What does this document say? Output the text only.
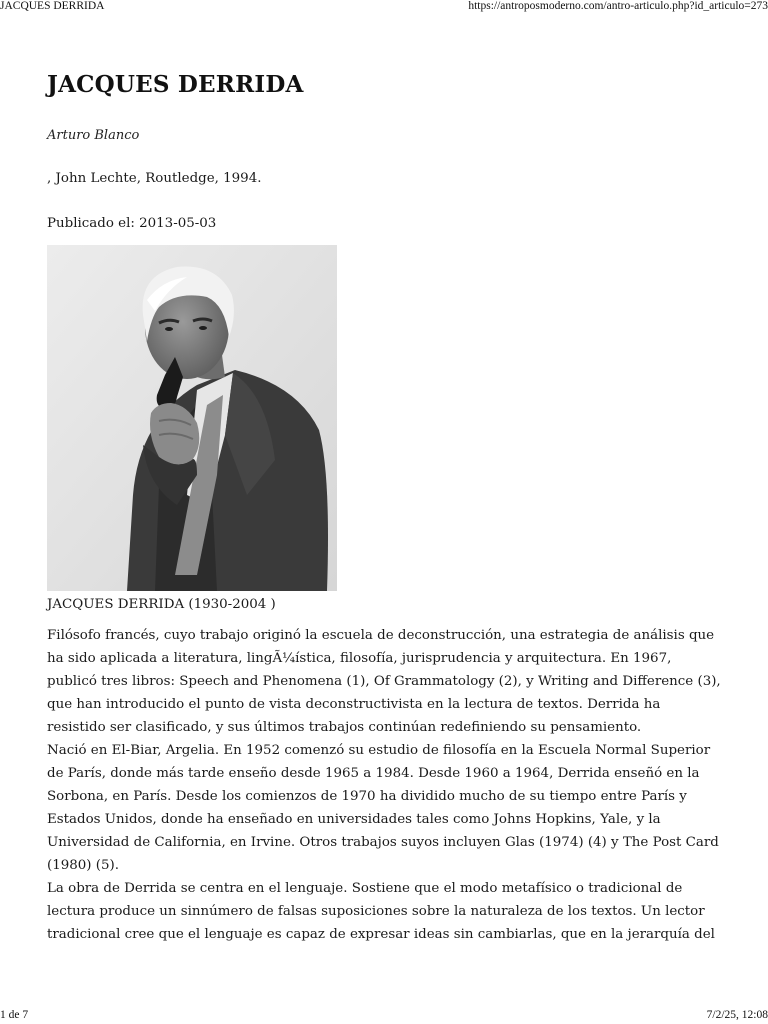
JACQUES DERRIDA	https://antroposmoderno.com/antro-articulo.php?id_articulo=273
JACQUES DERRIDA
Arturo Blanco
, John Lechte, Routledge, 1994.
Publicado el: 2013-05-03
JACQUES DERRIDA (1930-2004 )

Filósofo francés, cuyo trabajo originó la escuela de deconstrucción, una estrategia de análisis que ha sido aplicada a literatura, lingÃ¼ística, filosofía, jurisprudencia y arquitectura. En 1967, publicó tres libros: Speech and Phenomena (1), Of Grammatology (2), y Writing and Difference (3), que han introducido el punto de vista deconstructivista en la lectura de textos. Derrida ha resistido ser clasificado, y sus últimos trabajos continúan redefiniendo su pensamiento.

Nació en El-Biar, Argelia. En 1952 comenzó su estudio de filosofía en la Escuela Normal Superior de París, donde más tarde enseño desde 1965 a 1984. Desde 1960 a 1964, Derrida enseñó en la Sorbona, en París. Desde los comienzos de 1970 ha dividido mucho de su tiempo entre París y Estados Unidos, donde ha enseñado en universidades tales como Johns Hopkins, Yale, y la Universidad de California, en Irvine. Otros trabajos suyos incluyen Glas (1974) (4) y The Post Card (1980) (5).

La obra de Derrida se centra en el lenguaje. Sostiene que el modo metafísico o tradicional de lectura produce un sinnúmero de falsas suposiciones sobre la naturaleza de los textos. Un lector tradicional cree que el lenguaje es capaz de expresar ideas sin cambiarlas, que en la jerarquía del

1 de 7	7/2/25, 12:08
